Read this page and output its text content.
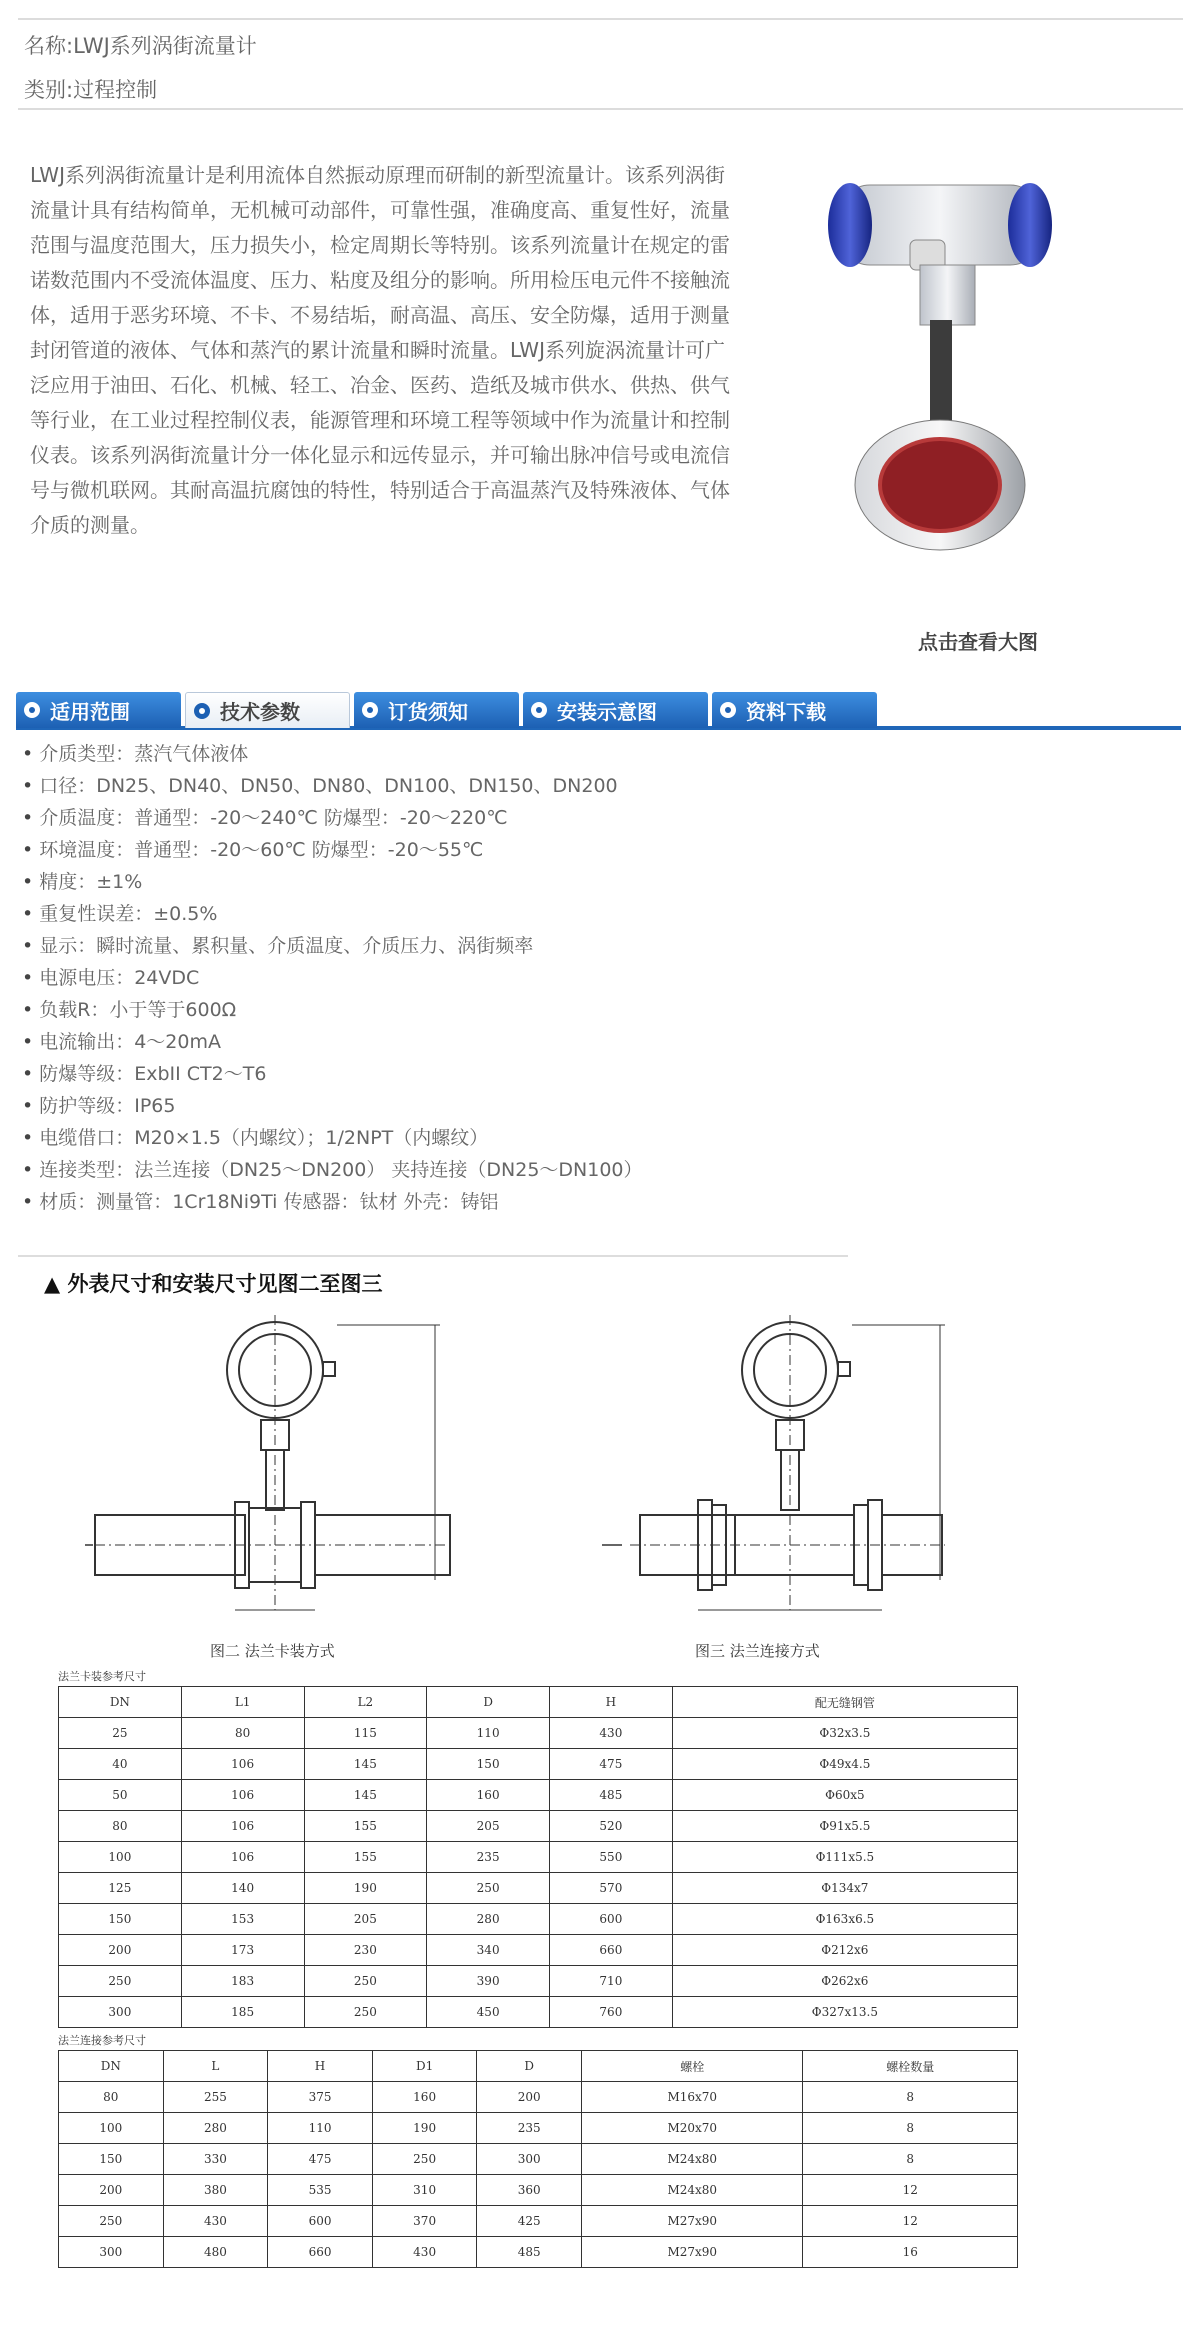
名称:LWJ系列涡街流量计
类别:过程控制
LWJ系列涡街流量计是利用流体自然振动原理而研制的新型流量计。该系列涡街流量计具有结构简单，无机械可动部件，可靠性强，准确度高、重复性好，流量范围与温度范围大，压力损失小，检定周期长等特别。该系列流量计在规定的雷诺数范围内不受流体温度、压力、粘度及组分的影响。所用检压电元件不接触流体，适用于恶劣环境、不卡、不易结垢，耐高温、高压、安全防爆，适用于测量封闭管道的液体、气体和蒸汽的累计流量和瞬时流量。LWJ系列旋涡流量计可广泛应用于油田、石化、机械、轻工、冶金、医药、造纸及城市供水、供热、供气等行业，在工业过程控制仪表，能源管理和环境工程等领域中作为流量计和控制仪表。该系列涡街流量计分一体化显示和远传显示，并可输出脉冲信号或电流信号与微机联网。其耐高温抗腐蚀的特性，特别适合于高温蒸汽及特殊液体、气体介质的测量。
点击查看大图
适用范围	技术参数	订货须知	安装示意图	资料下载
• 介质类型：蒸汽气体液体
• 口径：DN25、DN40、DN50、DN80、DN100、DN150、DN200
• 介质温度：普通型：-20～240℃ 防爆型：-20～220℃
• 环境温度：普通型：-20～60℃ 防爆型：-20～55℃
• 精度：±1%
• 重复性误差：±0.5%
• 显示：瞬时流量、累积量、介质温度、介质压力、涡街频率
• 电源电压：24VDC
• 负载R：小于等于600Ω
• 电流输出：4～20mA
• 防爆等级：ExbII CT2～T6
• 防护等级：IP65
• 电缆借口：M20×1.5（内螺纹）；1/2NPT（内螺纹）
• 连接类型：法兰连接（DN25～DN200） 夹持连接（DN25～DN100）
• 材质：测量管：1Cr18Ni9Ti 传感器：钛材 外壳：铸铝
▲ 外表尺寸和安装尺寸见图二至图三
图二 法兰卡装方式	图三 法兰连接方式
法兰卡装参考尺寸
DN	L1	L2	D	H	配无缝钢管
25	80	115	110	430	Φ32x3.5
40	106	145	150	475	Φ49x4.5
50	106	145	160	485	Φ60x5
80	106	155	205	520	Φ91x5.5
100	106	155	235	550	Φ111x5.5
125	140	190	250	570	Φ134x7
150	153	205	280	600	Φ163x6.5
200	173	230	340	660	Φ212x6
250	183	250	390	710	Φ262x6
300	185	250	450	760	Φ327x13.5
法兰连接参考尺寸
DN	L	H	D1	D	螺栓	螺栓数量
80	255	375	160	200	M16x70	8
100	280	110	190	235	M20x70	8
150	330	475	250	300	M24x80	8
200	380	535	310	360	M24x80	12
250	430	600	370	425	M27x90	12
300	480	660	430	485	M27x90	16
